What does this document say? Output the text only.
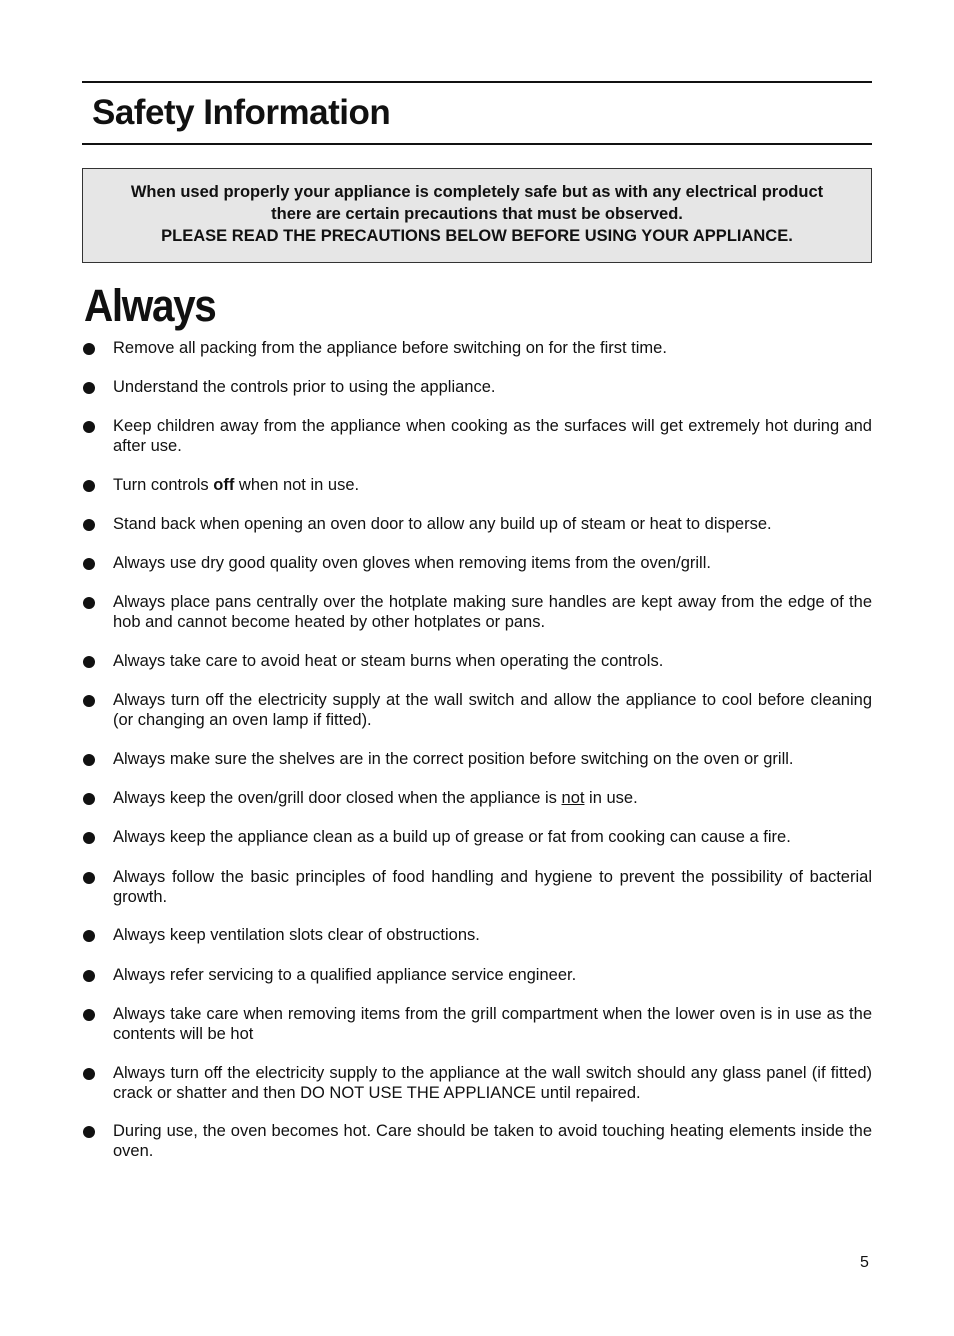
Safety Information

When used properly your appliance is completely safe but as with any electrical product

there are certain precautions that must be observed.

PLEASE READ THE PRECAUTIONS BELOW BEFORE USING YOUR APPLIANCE.

Always
Remove all packing from the appliance before switching on for the first time.
Understand the controls prior to using the appliance.
Keep children away from the appliance when cooking as the surfaces will get extremely hot during and after use.
Turn controls off when not in use.
Stand back when opening an oven door to allow any build up of steam or heat to disperse.
Always use dry good quality oven gloves when removing items from the oven/grill.
Always place pans centrally over the hotplate making sure handles are kept away from the edge of the hob and cannot become heated by other hotplates or pans.
Always take care to avoid heat or steam burns when operating the controls.
Always turn off the electricity supply at the wall switch and allow the appliance to cool before cleaning (or changing an oven lamp if fitted).
Always make sure the shelves are in the correct position before switching on the oven or grill.
Always keep the oven/grill door closed when the appliance is not in use.
Always keep the appliance clean as a build up of grease or fat from cooking can cause a fire.
Always follow the basic principles of food handling and hygiene to prevent the possibility of bacterial growth.
Always keep ventilation slots clear of obstructions.
Always refer servicing to a qualified appliance service engineer.
Always take care when removing items from the grill compartment when the lower oven is in use as the contents will be hot
Always turn off the electricity supply to the appliance at the wall switch should any glass panel (if fitted) crack or shatter and then DO NOT USE THE APPLIANCE until repaired.
During use, the oven becomes hot. Care should be taken to avoid touching heating elements inside the oven.
5
